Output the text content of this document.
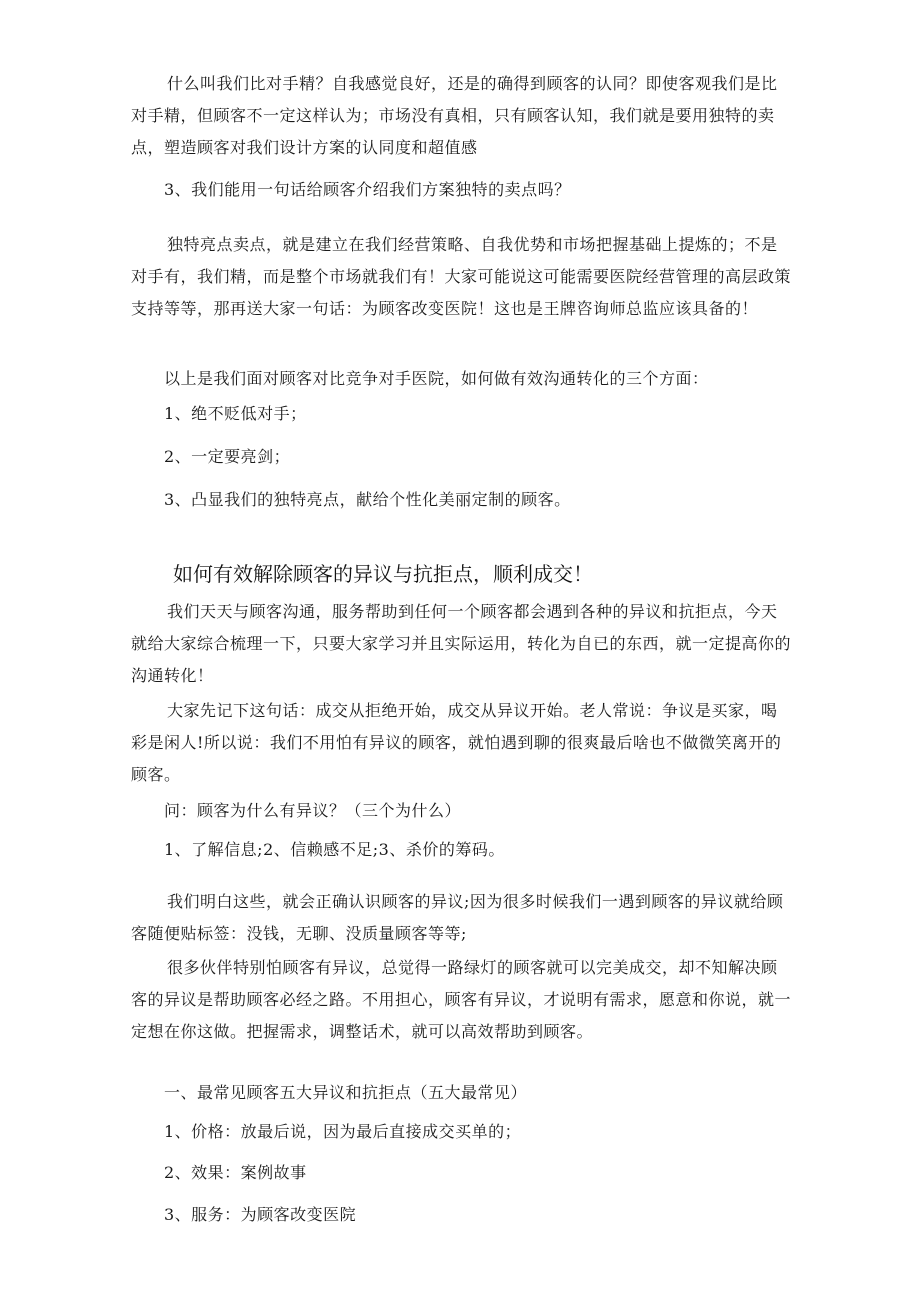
什么叫我们比对手精？自我感觉良好，还是的确得到顾客的认同？即使客观我们是比对手精，但顾客不一定这样认为；市场没有真相，只有顾客认知，我们就是要用独特的卖点，塑造顾客对我们设计方案的认同度和超值感

3、我们能用一句话给顾客介绍我们方案独特的卖点吗？

独特亮点卖点，就是建立在我们经营策略、自我优势和市场把握基础上提炼的；不是对手有，我们精，而是整个市场就我们有！大家可能说这可能需要医院经营管理的高层政策支持等等，那再送大家一句话：为顾客改变医院！这也是王牌咨询师总监应该具备的！

以上是我们面对顾客对比竞争对手医院，如何做有效沟通转化的三个方面：

1、绝不贬低对手；

2、一定要亮剑；

3、凸显我们的独特亮点，献给个性化美丽定制的顾客。

如何有效解除顾客的异议与抗拒点，顺利成交！

我们天天与顾客沟通，服务帮助到任何一个顾客都会遇到各种的异议和抗拒点，今天就给大家综合梳理一下，只要大家学习并且实际运用，转化为自已的东西，就一定提高你的沟通转化！

大家先记下这句话：成交从拒绝开始，成交从异议开始。老人常说：争议是买家，喝彩是闲人!所以说：我们不用怕有异议的顾客，就怕遇到聊的很爽最后啥也不做微笑离开的顾客。

问：顾客为什么有异议？（三个为什么）

1、了解信息;2、信赖感不足;3、杀价的筹码。

我们明白这些，就会正确认识顾客的异议;因为很多时候我们一遇到顾客的异议就给顾客随便贴标签：没钱，无聊、没质量顾客等等;

很多伙伴特别怕顾客有异议，总觉得一路绿灯的顾客就可以完美成交，却不知解决顾客的异议是帮助顾客必经之路。不用担心，顾客有异议，才说明有需求，愿意和你说，就一定想在你这做。把握需求，调整话术，就可以高效帮助到顾客。

一、最常见顾客五大异议和抗拒点（五大最常见）

1、价格：放最后说，因为最后直接成交买单的；

2、效果：案例故事

3、服务：为顾客改变医院
